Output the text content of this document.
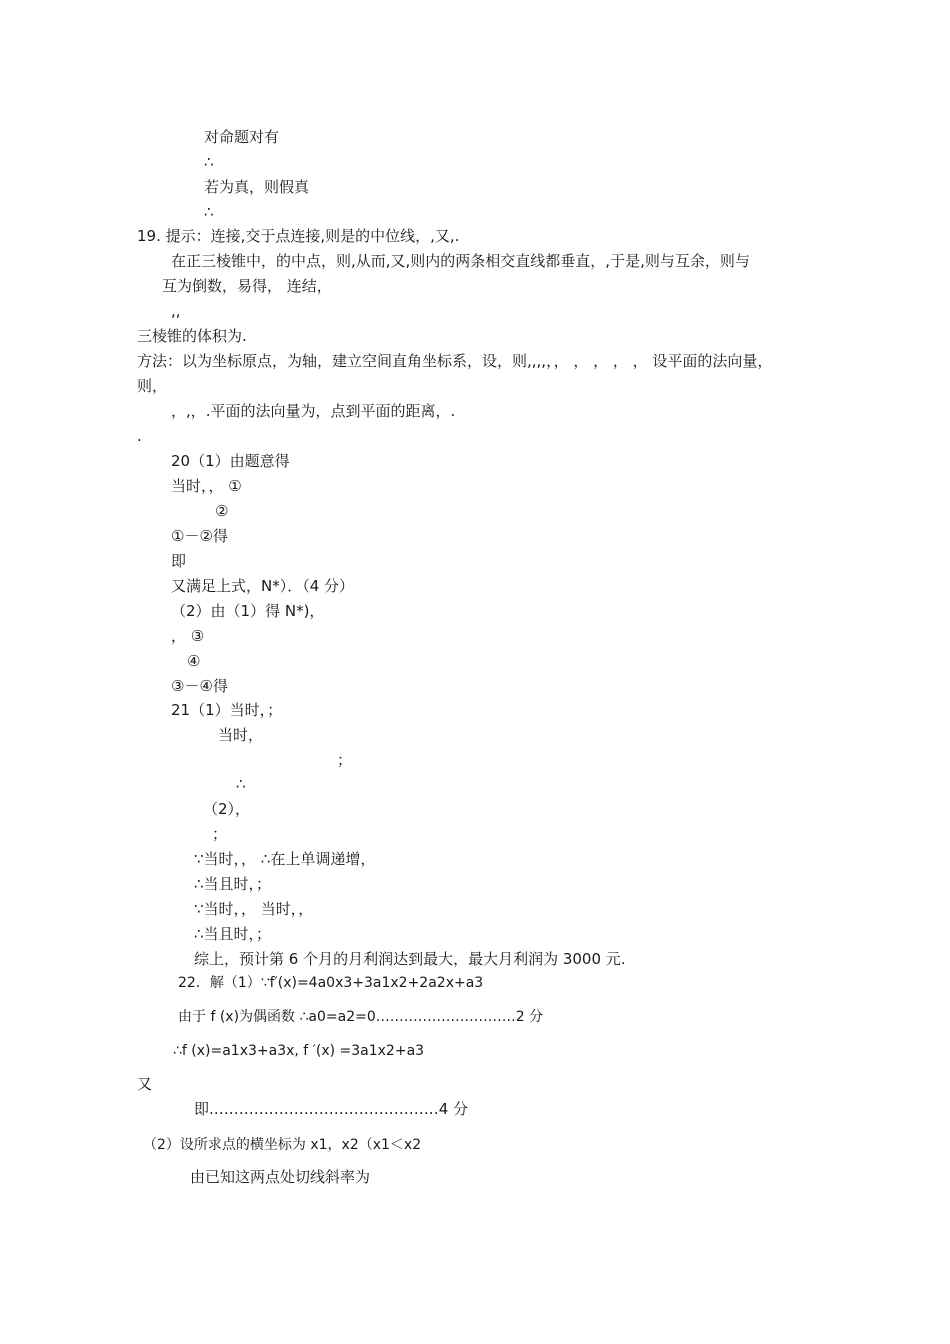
对命题对有
∴
若为真，则假真
∴
19. 提示：连接,交于点连接,则是的中位线，,又,.
在正三棱锥中，的中点，则,从而,又,则内的两条相交直线都垂直，,于是,则与互余，则与
互为倒数，易得， 连结，
,,
三棱锥的体积为.
方法：以为坐标原点，为轴，建立空间直角坐标系，设，则,,,,，， ， ， ， ， 设平面的法向量，
则，
，,，.平面的法向量为，点到平面的距离，.
.
20（1）由题意得
当时，， ①
②
①－②得
即
又满足上式，N*）．（4 分）
（2）由（1）得 N*)，
， ③
④
③－④得
21（1）当时，；
当时，
；
∴
（2），
；
∵当时，， ∴在上单调递增，
∴当且时，；
∵当时，， 当时，，
∴当且时，；
综上，预计第 6 个月的月利润达到最大，最大月利润为 3000 元.
22．解（1）∵f′(x)=4a0x3+3a1x2+2a2x+a3
由于 f (x)为偶函数 ∴a0=a2=0…………………………2 分
∴f (x)=a1x3+a3x, f ′(x) =3a1x2+a3
又
即.………………………………………4 分
（2）设所求点的横坐标为 x1，x2（x1＜x2
由已知这两点处切线斜率为
